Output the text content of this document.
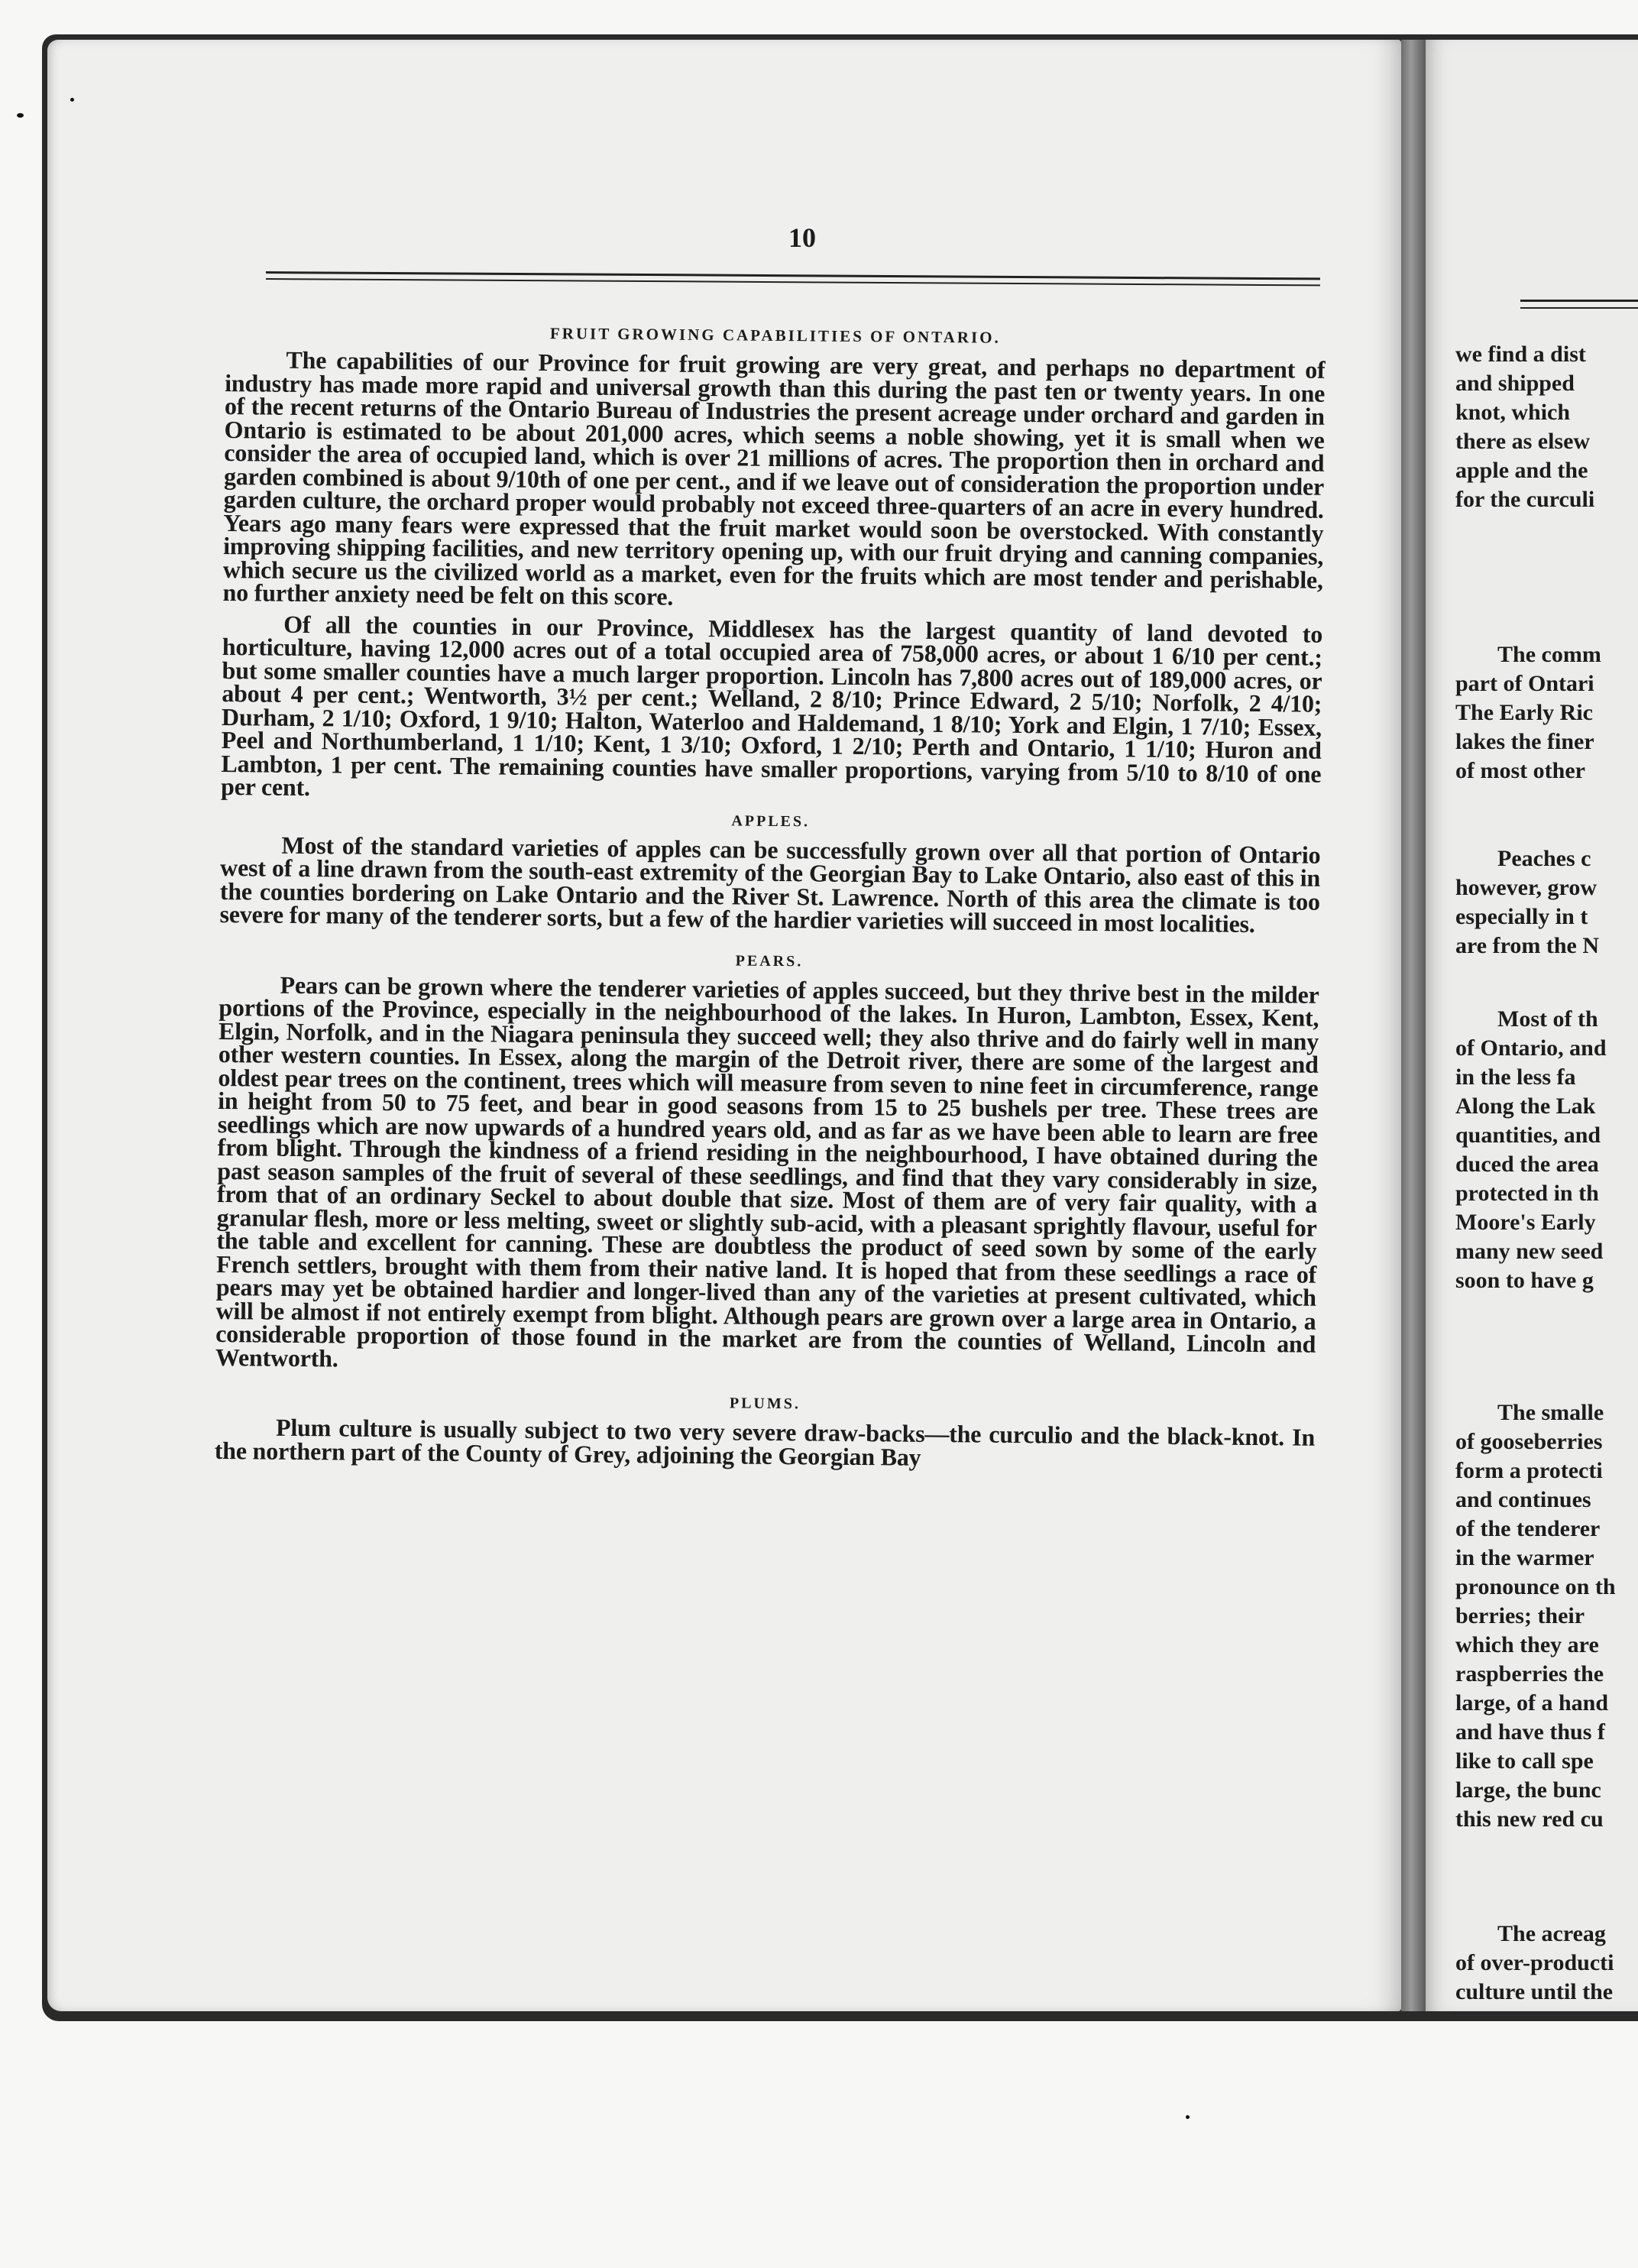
10
FRUIT GROWING CAPABILITIES OF ONTARIO.

The capabilities of our Province for fruit growing are very great, and perhaps no department of industry has made more rapid and universal growth than this during the past ten or twenty years. In one of the recent returns of the Ontario Bureau of Industries the present acreage under orchard and garden in Ontario is estimated to be about 201,000 acres, which seems a noble showing, yet it is small when we consider the area of occupied land, which is over 21 millions of acres. The proportion then in orchard and garden combined is about 9/10th of one per cent., and if we leave out of consideration the proportion under garden culture, the orchard proper would probably not exceed three-quarters of an acre in every hundred. Years ago many fears were expressed that the fruit market would soon be overstocked. With constantly improving shipping facilities, and new territory opening up, with our fruit drying and canning companies, which secure us the civilized world as a market, even for the fruits which are most tender and perishable, no further anxiety need be felt on this score.

Of all the counties in our Province, Middlesex has the largest quantity of land devoted to horticulture, having 12,000 acres out of a total occupied area of 758,000 acres, or about 1 6/10 per cent.; but some smaller counties have a much larger proportion. Lincoln has 7,800 acres out of 189,000 acres, or about 4 per cent.; Wentworth, 3½ per cent.; Welland, 2 8/10; Prince Edward, 2 5/10; Norfolk, 2 4/10; Durham, 2 1/10; Oxford, 1 9/10; Halton, Waterloo and Haldemand, 1 8/10; York and Elgin, 1 7/10; Essex, Peel and Northumberland, 1 1/10; Kent, 1 3/10; Oxford, 1 2/10; Perth and Ontario, 1 1/10; Huron and Lambton, 1 per cent. The remaining counties have smaller proportions, varying from 5/10 to 8/10 of one per cent.

APPLES.

Most of the standard varieties of apples can be successfully grown over all that portion of Ontario west of a line drawn from the south-east extremity of the Georgian Bay to Lake Ontario, also east of this in the counties bordering on Lake Ontario and the River St. Lawrence. North of this area the climate is too severe for many of the tenderer sorts, but a few of the hardier varieties will succeed in most localities.

PEARS.

Pears can be grown where the tenderer varieties of apples succeed, but they thrive best in the milder portions of the Province, especially in the neighbourhood of the lakes. In Huron, Lambton, Essex, Kent, Elgin, Norfolk, and in the Niagara peninsula they succeed well; they also thrive and do fairly well in many other western counties. In Essex, along the margin of the Detroit river, there are some of the largest and oldest pear trees on the continent, trees which will measure from seven to nine feet in circumference, range in height from 50 to 75 feet, and bear in good seasons from 15 to 25 bushels per tree. These trees are seedlings which are now upwards of a hundred years old, and as far as we have been able to learn are free from blight. Through the kindness of a friend residing in the neighbourhood, I have obtained during the past season samples of the fruit of several of these seedlings, and find that they vary considerably in size, from that of an ordinary Seckel to about double that size. Most of them are of very fair quality, with a granular flesh, more or less melting, sweet or slightly sub-acid, with a pleasant sprightly flavour, useful for the table and excellent for canning. These are doubtless the product of seed sown by some of the early French settlers, brought with them from their native land. It is hoped that from these seedlings a race of pears may yet be obtained hardier and longer-lived than any of the varieties at present cultivated, which will be almost if not entirely exempt from blight. Although pears are grown over a large area in Ontario, a considerable proportion of those found in the market are from the counties of Welland, Lincoln and Wentworth.

PLUMS.

Plum culture is usually subject to two very severe draw-backs—the curculio and the black-knot. In the northern part of the County of Grey, adjoining the Georgian Bay

we find a dist
and shipped
knot, which
there as elsew
apple and the
for the curculi
The comm
part of Ontari
The Early Ric
lakes the finer
of most other
Peaches c
however, grow
especially in t
are from the N
Most of th
of Ontario, and
in the less fa
Along the Lak
quantities, and
duced the area
protected in th
Moore's Early
many new seed
soon to have g
The smalle
of gooseberries
form a protecti
and continues
of the tenderer
in the warmer
pronounce on th
berries; their
which they are
raspberries the
large, of a hand
and have thus f
like to call spe
large, the bunc
this new red cu
The acreag
of over-producti
culture until the
